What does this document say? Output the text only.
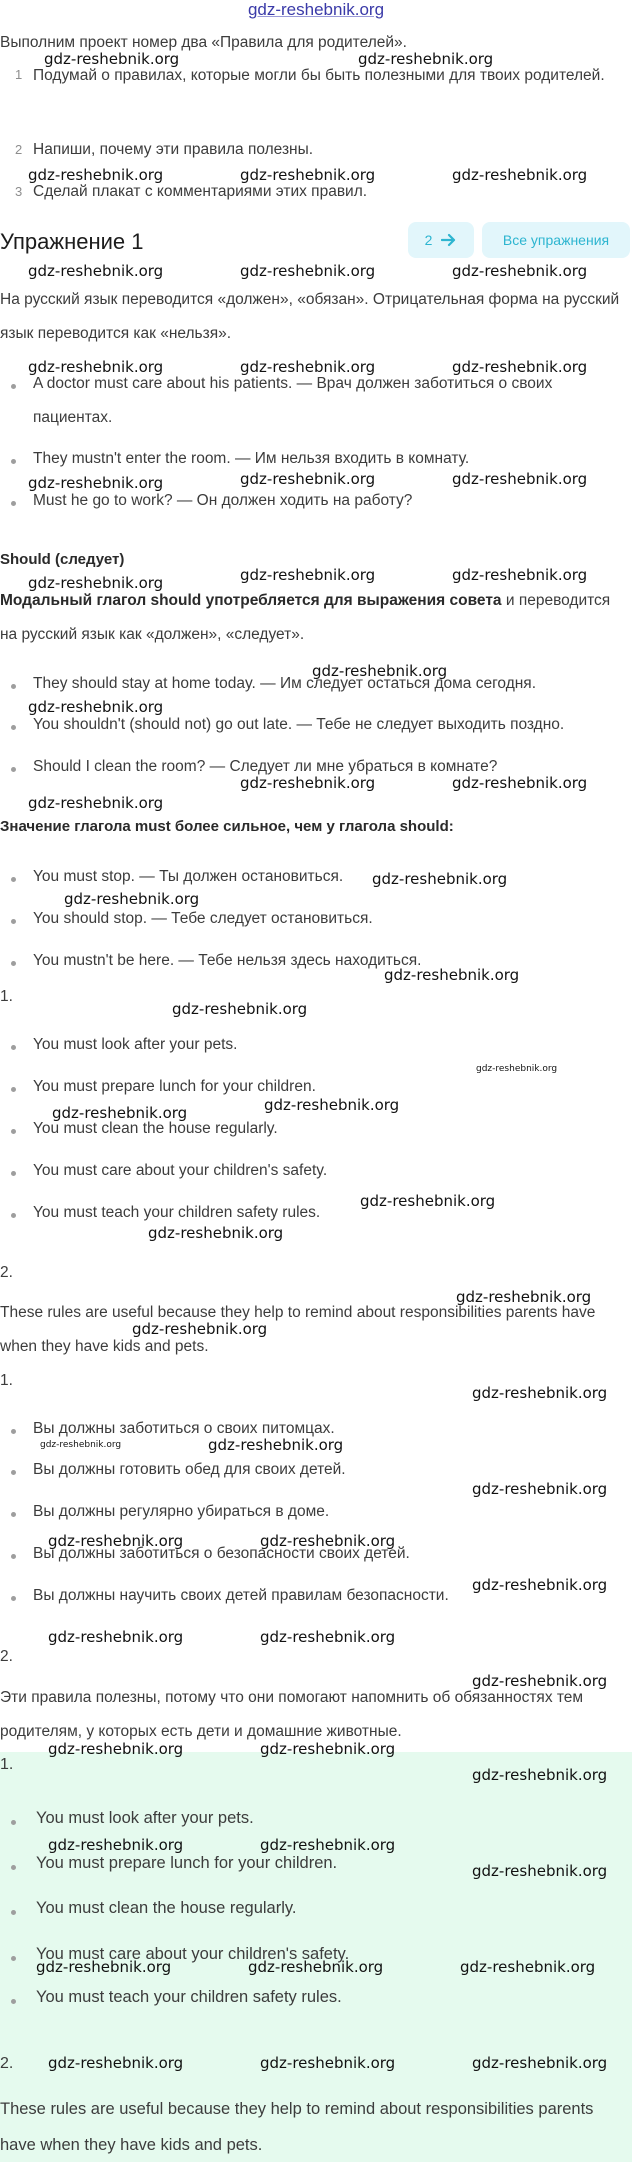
gdz-reshebnik.org

Выполним проект номер два «Правила для родителей».

1 Подумай о правилах, которые могли бы быть полезными для твоих родителей.

2 Напиши, почему эти правила полезны.

3 Сделай плакат с комментариями этих правил.

Упражнение 1	2	Все упражнения

На русский язык переводится «должен», «обязан». Отрицательная форма на русский язык переводится как «нельзя».

A doctor must care about his patients. — Врач должен заботиться о своих пациентах.

They mustn't enter the room. — Им нельзя входить в комнату.

Must he go to work? — Он должен ходить на работу?

Should (следует)

Модальный глагол should употребляется для выражения совета и переводится на русский язык как «должен», «следует».

They should stay at home today. — Им следует остаться дома сегодня.

You shouldn't (should not) go out late. — Тебе не следует выходить поздно.

Should I clean the room? — Следует ли мне убраться в комнате?

Значение глагола must более сильное, чем у глагола should:

You must stop. — Ты должен остановиться.

You should stop. — Тебе следует остановиться.

You mustn't be here. — Тебе нельзя здесь находиться.

1.

You must look after your pets.

You must prepare lunch for your children.

You must clean the house regularly.

You must care about your children's safety.

You must teach your children safety rules.

2.

These rules are useful because they help to remind about responsibilities parents have when they have kids and pets.

1.

Вы должны заботиться о своих питомцах.

Вы должны готовить обед для своих детей.

Вы должны регулярно убираться в доме.

Вы должны заботиться о безопасности своих детей.

Вы должны научить своих детей правилам безопасности.

2.

Эти правила полезны, потому что они помогают напомнить об обязанностях тем родителям, у которых есть дети и домашние животные.

1.

You must look after your pets.

You must prepare lunch for your children.

You must clean the house regularly.

You must care about your children's safety.

You must teach your children safety rules.

2.

These rules are useful because they help to remind about responsibilities parents have when they have kids and pets.

gdz-reshebnik.org	gdz-reshebnik.org
gdz-reshebnik.org	gdz-reshebnik.org	gdz-reshebnik.org
gdz-reshebnik.org	gdz-reshebnik.org	gdz-reshebnik.org
gdz-reshebnik.org	gdz-reshebnik.org	gdz-reshebnik.org
gdz-reshebnik.org	gdz-reshebnik.org	gdz-reshebnik.org
gdz-reshebnik.org	gdz-reshebnik.org	gdz-reshebnik.org
gdz-reshebnik.org
gdz-reshebnik.org
gdz-reshebnik.org	gdz-reshebnik.org
gdz-reshebnik.org
gdz-reshebnik.org
gdz-reshebnik.org
gdz-reshebnik.org
gdz-reshebnik.org
gdz-reshebnik.org
gdz-reshebnik.org
gdz-reshebnik.org
gdz-reshebnik.org
gdz-reshebnik.org
gdz-reshebnik.org
gdz-reshebnik.org
gdz-reshebnik.org
gdz-reshebnik.org	gdz-reshebnik.org
gdz-reshebnik.org
gdz-reshebnik.org	gdz-reshebnik.org
gdz-reshebnik.org
gdz-reshebnik.org	gdz-reshebnik.org
gdz-reshebnik.org
gdz-reshebnik.org	gdz-reshebnik.org
gdz-reshebnik.org
gdz-reshebnik.org	gdz-reshebnik.org
gdz-reshebnik.org
gdz-reshebnik.org	gdz-reshebnik.org	gdz-reshebnik.org
gdz-reshebnik.org	gdz-reshebnik.org	gdz-reshebnik.org
